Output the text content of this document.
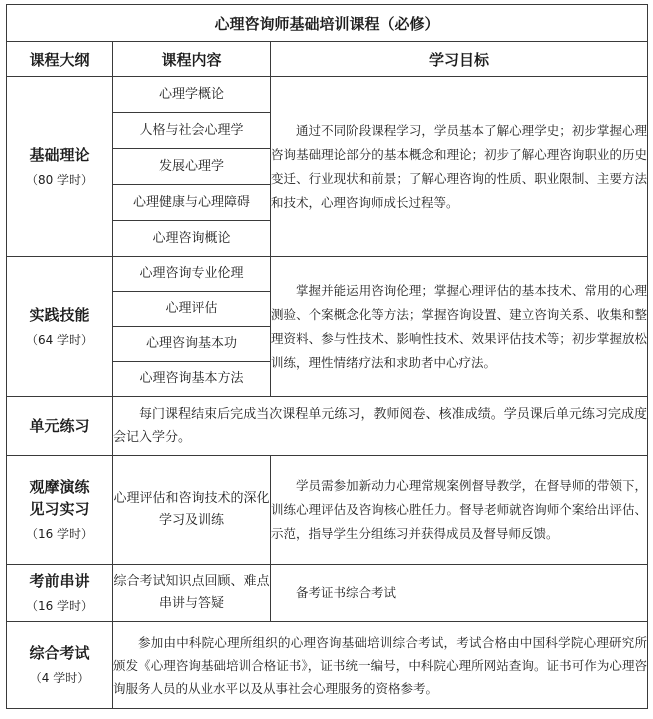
心理咨询师基础培训课程（必修）		
课程大纲	课程内容	学习目标

基础理论
（80 学时）	心理学概论	通过不同阶段课程学习，学员基本了解心理学史；初步掌握心理咨询基础理论部分的基本概念和理论；初步了解心理咨询职业的历史变迁、行业现状和前景；了解心理咨询的性质、职业限制、主要方法和技术，心理咨询师成长过程等。

	人格与社会心理学	
	发展心理学	
	心理健康与心理障碍	
	心理咨询概论	

实践技能
（64 学时）	心理咨询专业伦理	掌握并能运用咨询伦理；掌握心理评估的基本技术、常用的心理测验、个案概念化等方法；掌握咨询设置、建立咨询关系、收集和整理资料、参与性技术、影响性技术、效果评估技术等；初步掌握放松训练，理性情绪疗法和求助者中心疗法。

	心理评估	
	心理咨询基本功	
	心理咨询基本方法	

单元练习	每门课程结束后完成当次课程单元练习，教师阅卷、核准成绩。学员课后单元练习完成度会记入学分。	

观摩演练
见习实习
（16 学时）	心理评估和咨询技术的深化学习及训练	学员需参加新动力心理常规案例督导教学，在督导师的带领下，训练心理评估及咨询核心胜任力。督导老师就咨询师个案给出评估、示范，指导学生分组练习并获得成员及督导师反馈。

考前串讲
（16 学时）	综合考试知识点回顾、难点串讲与答疑	备考证书综合考试

综合考试
（4 学时）	参加由中科院心理所组织的心理咨询基础培训综合考试，考试合格由中国科学院心理研究所颁发《心理咨询基础培训合格证书》，证书统一编号，中科院心理所网站查询。证书可作为心理咨询服务人员的从业水平以及从事社会心理服务的资格参考。	
